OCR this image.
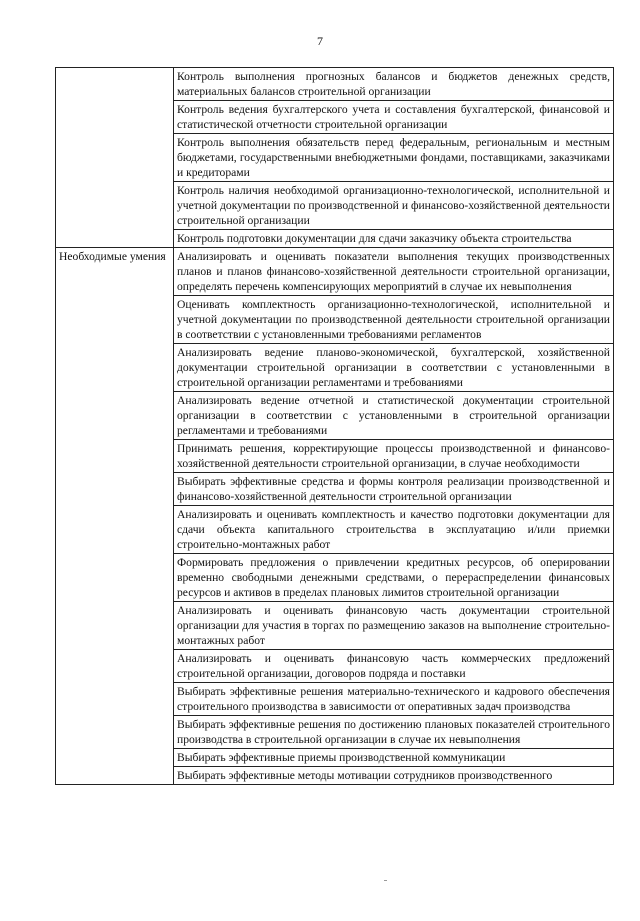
7
	Контроль выполнения прогнозных балансов и бюджетов денежных средств, материальных балансов строительной организации
	Контроль ведения бухгалтерского учета и составления бухгалтерской, финансовой и статистической отчетности строительной организации
	Контроль выполнения обязательств перед федеральным, региональным и местным бюджетами, государственными внебюджетными фондами, поставщиками, заказчиками и кредиторами
	Контроль наличия необходимой организационно-технологической, исполнительной и учетной документации по производственной и финансово-хозяйственной деятельности строительной организации
	Контроль подготовки документации для сдачи заказчику объекта строительства
Необходимые умения	Анализировать и оценивать показатели выполнения текущих производственных планов и планов финансово-хозяйственной деятельности строительной организации, определять перечень компенсирующих мероприятий в случае их невыполнения
	Оценивать комплектность организационно-технологической, исполнительной и учетной документации по производственной деятельности строительной организации в соответствии с установленными требованиями регламентов
	Анализировать ведение планово-экономической, бухгалтерской, хозяйственной документации строительной организации в соответствии с установленными в строительной организации регламентами и требованиями
	Анализировать ведение отчетной и статистической документации строительной организации в соответствии с установленными в строительной организации регламентами и требованиями
	Принимать решения, корректирующие процессы производственной и финансово-хозяйственной деятельности строительной организации, в случае необходимости
	Выбирать эффективные средства и формы контроля реализации производственной и финансово-хозяйственной деятельности строительной организации
	Анализировать и оценивать комплектность и качество подготовки документации для сдачи объекта капитального строительства в эксплуатацию и/или приемки строительно-монтажных работ
	Формировать предложения о привлечении кредитных ресурсов, об оперировании временно свободными денежными средствами, о перераспределении финансовых ресурсов и активов в пределах плановых лимитов строительной организации
	Анализировать и оценивать финансовую часть документации строительной организации для участия в торгах по размещению заказов на выполнение строительно-монтажных работ
	Анализировать и оценивать финансовую часть коммерческих предложений строительной организации, договоров подряда и поставки
	Выбирать эффективные решения материально-технического и кадрового обеспечения строительного производства в зависимости от оперативных задач производства
	Выбирать эффективные решения по достижению плановых показателей строительного производства в строительной организации в случае их невыполнения
	Выбирать эффективные приемы производственной коммуникации
	Выбирать эффективные методы мотивации сотрудников производственного
